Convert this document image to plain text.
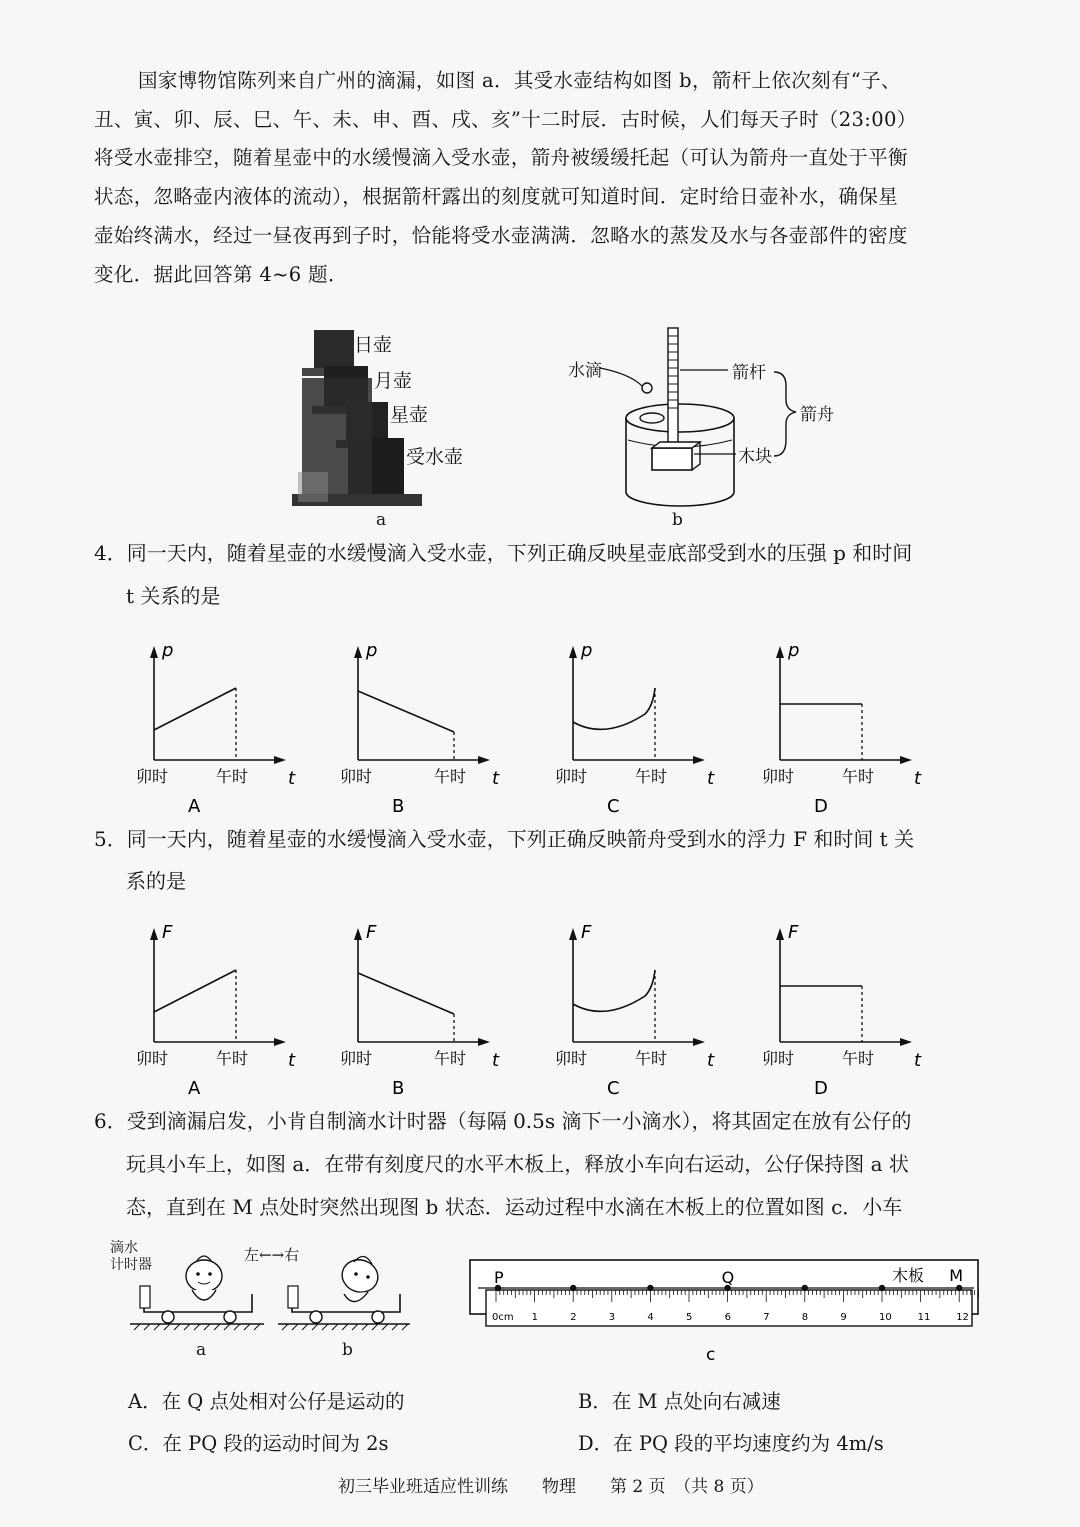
国家博物馆陈列来自广州的滴漏，如图 a．其受水壶结构如图 b，箭杆上依次刻有“子、
丑、寅、卯、辰、巳、午、未、申、酉、戌、亥”十二时辰．古时候，人们每天子时（23:00）
将受水壶排空，随着星壶中的水缓慢滴入受水壶，箭舟被缓缓托起（可认为箭舟一直处于平衡
状态，忽略壶内液体的流动），根据箭杆露出的刻度就可知道时间．定时给日壶补水，确保星
壶始终满水，经过一昼夜再到子时，恰能将受水壶满满．忽略水的蒸发及水与各壶部件的密度
变化．据此回答第 4~6 题．
日壶
月壶
星壶
受水壶
a
水滴	箭杆
箭舟
木块
b
4．同一天内，随着星壶的水缓慢滴入受水壶，下列正确反映星壶底部受到水的压强 p 和时间
t 关系的是
p
t
卯时	午时
A
p
t
卯时	午时
B
p
t
卯时	午时
C
p
t
卯时	午时
D
5．同一天内，随着星壶的水缓慢滴入受水壶，下列正确反映箭舟受到水的浮力 F 和时间 t 关
系的是
F
t
卯时	午时
A
F
t
卯时	午时
B
F
t
卯时	午时
C
F
t
卯时	午时
D
6．受到滴漏启发，小肯自制滴水计时器（每隔 0.5s 滴下一小滴水），将其固定在放有公仔的
玩具小车上，如图 a．在带有刻度尺的水平木板上，释放小车向右运动，公仔保持图 a 状
态，直到在 M 点处时突然出现图 b 状态．运动过程中水滴在木板上的位置如图 c．小车
滴水
计时器
左←→右
a	b
0cm 1	2	3	4	5	6	7	8	9	10	11	12
P	Q	木板 M
c
A．在 Q 点处相对公仔是运动的	B．在 M 点处向右减速
C．在 PQ 段的运动时间为 2s	D．在 PQ 段的平均速度约为 4m/s
初三毕业班适应性训练　　物理　　第 2 页　（共 8 页）
